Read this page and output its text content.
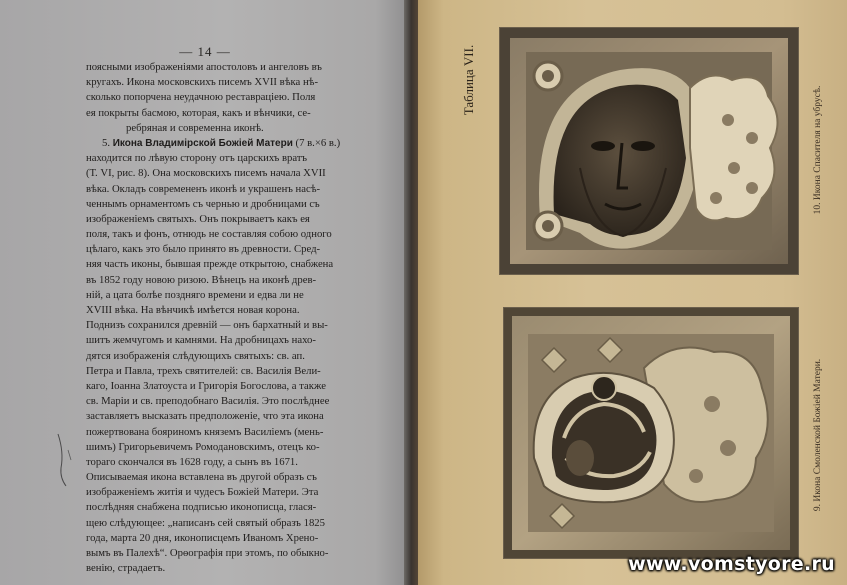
— 14 —
поясными изображеніями апостоловъ и ангеловъ въ
кругахъ. Икона московскихъ писемъ XVII вѣка нѣ-
сколько попорчена неудачною реставраціею. Поля
ея покрыты басмою, которая, какъ и вѣнчики, се-
ребряная и современна иконѣ.
5. Икона Владимірской Божіей Матери (7 в.×6 в.)
находится по лѣвую сторону отъ царскихъ вратъ
(Т. VI, рис. 8). Она московскихъ писемъ начала XVII
вѣка. Окладъ современенъ иконѣ и украшенъ насѣ-
ченнымъ орнаментомъ съ чернью и дробницами съ
изображеніемъ святыхъ. Онъ покрываетъ какъ ея
поля, такъ и фонъ, отнюдь не составляя собою одного
цѣлаго, какъ это было принято въ древности. Сред-
няя часть иконы, бывшая прежде открытою, снабжена
въ 1852 году новою ризою. Вѣнецъ на иконѣ древ-
ній, а цата болѣе поздняго времени и едва ли не
XVIII вѣка. На вѣнчикѣ имѣется новая корона.
Поднизъ сохранился древній — онъ бархатный и вы-
шитъ жемчугомъ и камнями. На дробницахъ нахо-
дятся изображенія слѣдующихъ святыхъ: св. ап.
Петра и Павла, трехъ святителей: св. Василія Вели-
каго, Іоанна Златоуста и Григорія Богослова, а также
св. Маріи и св. преподобнаго Василія. Это послѣднее
заставляетъ высказать предположеніе, что эта икона
пожертвована бояриномъ княземъ Василіемъ (мень-
шимъ) Григорьевичемъ Ромодановскимъ, отецъ ко-
тораго скончался въ 1628 году, а сынъ въ 1671.
Описываемая икона вставлена въ другой образъ съ
изображеніемъ житія и чудесъ Божіей Матери. Эта
послѣдняя снабжена подписью иконописца, глася-
щею слѣдующее: „написанъ сей святый образъ 1825
года, марта 20 дня, иконописцемъ Иваномъ Хрено-
вымъ въ Палехѣ“. Орѳографія при этомъ, по обыкно-
венію, страдаетъ.
Таблица VII.
10. Икона Спасителя на убрусѣ.
9. Икона Смоленской Божіей Матери.
www.vomstyore.ru
